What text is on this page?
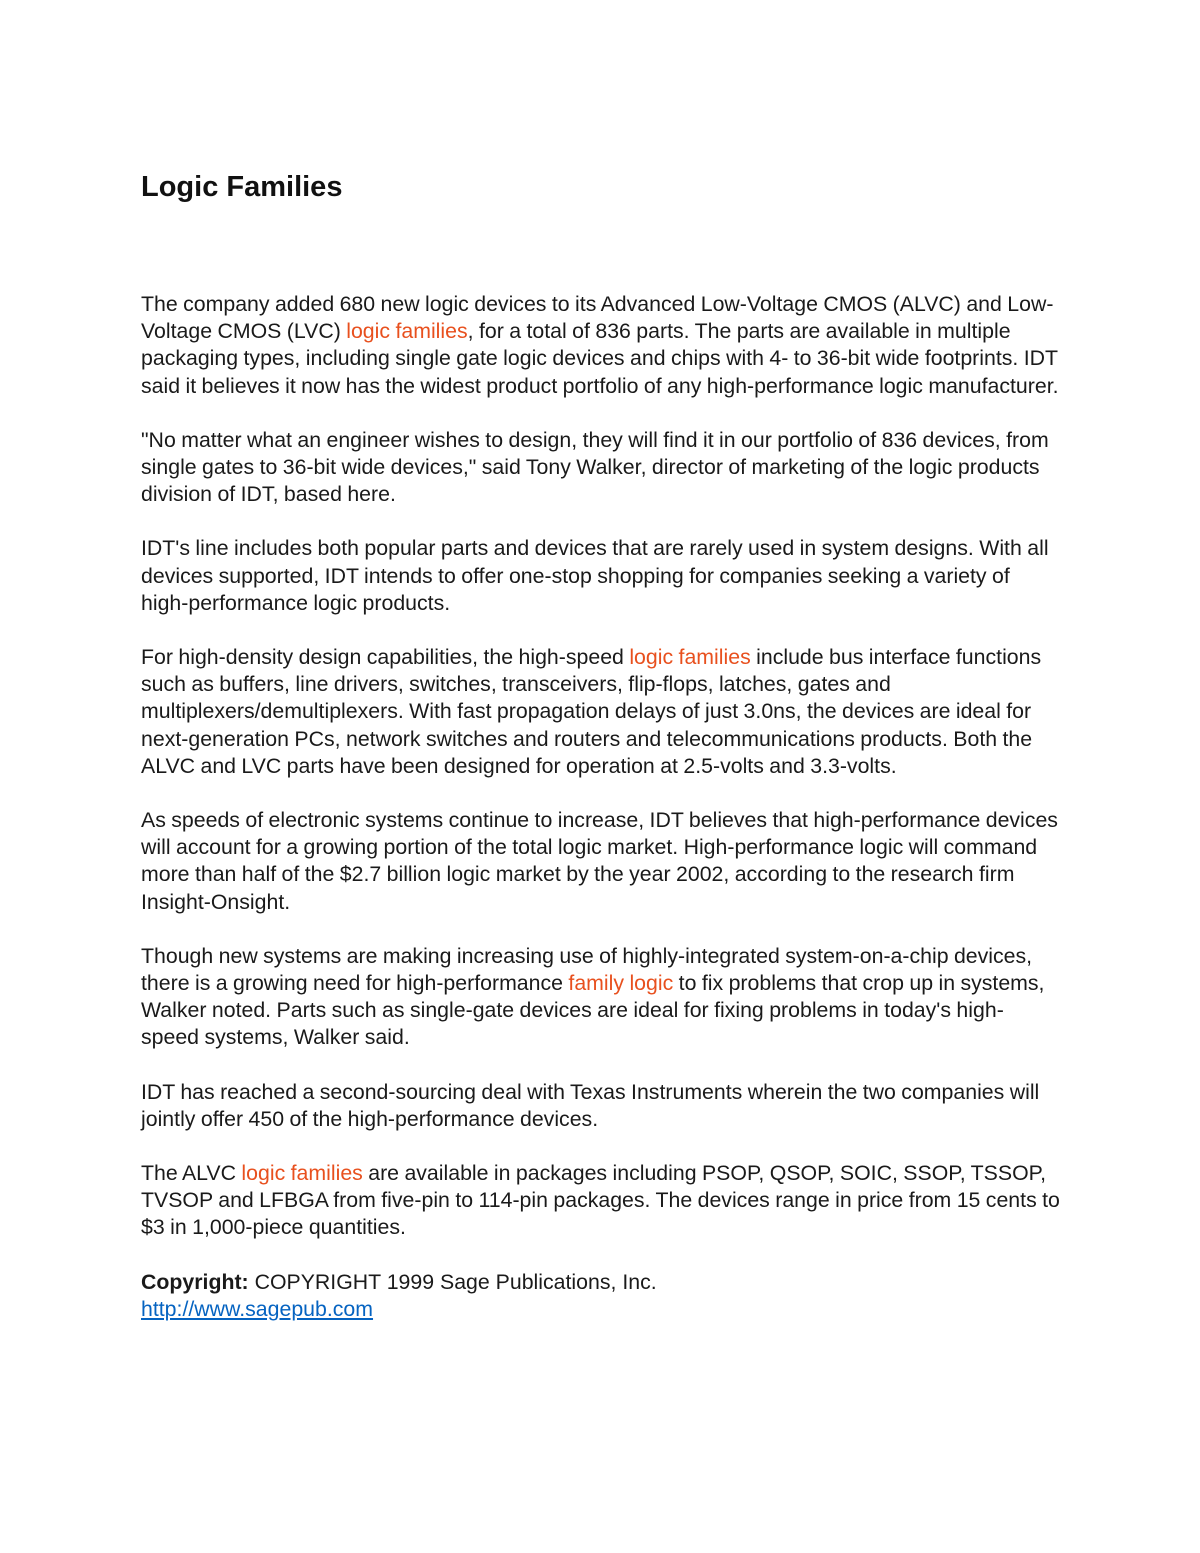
Logic Families

The company added 680 new logic devices to its Advanced Low-Voltage CMOS (ALVC) and Low-Voltage CMOS (LVC) logic families, for a total of 836 parts. The parts are available in multiple packaging types, including single gate logic devices and chips with 4- to 36-bit wide footprints. IDT said it believes it now has the widest product portfolio of any high-performance logic manufacturer.

"No matter what an engineer wishes to design, they will find it in our portfolio of 836 devices, from single gates to 36-bit wide devices," said Tony Walker, director of marketing of the logic products division of IDT, based here.

IDT's line includes both popular parts and devices that are rarely used in system designs. With all devices supported, IDT intends to offer one-stop shopping for companies seeking a variety of high-performance logic products.

For high-density design capabilities, the high-speed logic families include bus interface functions such as buffers, line drivers, switches, transceivers, flip-flops, latches, gates and multiplexers/demultiplexers. With fast propagation delays of just 3.0ns, the devices are ideal for next-generation PCs, network switches and routers and telecommunications products. Both the ALVC and LVC parts have been designed for operation at 2.5-volts and 3.3-volts.

As speeds of electronic systems continue to increase, IDT believes that high-performance devices will account for a growing portion of the total logic market. High-performance logic will command more than half of the $2.7 billion logic market by the year 2002, according to the research firm Insight-Onsight.

Though new systems are making increasing use of highly-integrated system-on-a-chip devices, there is a growing need for high-performance family logic to fix problems that crop up in systems, Walker noted. Parts such as single-gate devices are ideal for fixing problems in today's high-speed systems, Walker said.

IDT has reached a second-sourcing deal with Texas Instruments wherein the two companies will jointly offer 450 of the high-performance devices.

The ALVC logic families are available in packages including PSOP, QSOP, SOIC, SSOP, TSSOP, TVSOP and LFBGA from five-pin to 114-pin packages. The devices range in price from 15 cents to $3 in 1,000-piece quantities.

Copyright: COPYRIGHT 1999 Sage Publications, Inc.

http://www.sagepub.com
